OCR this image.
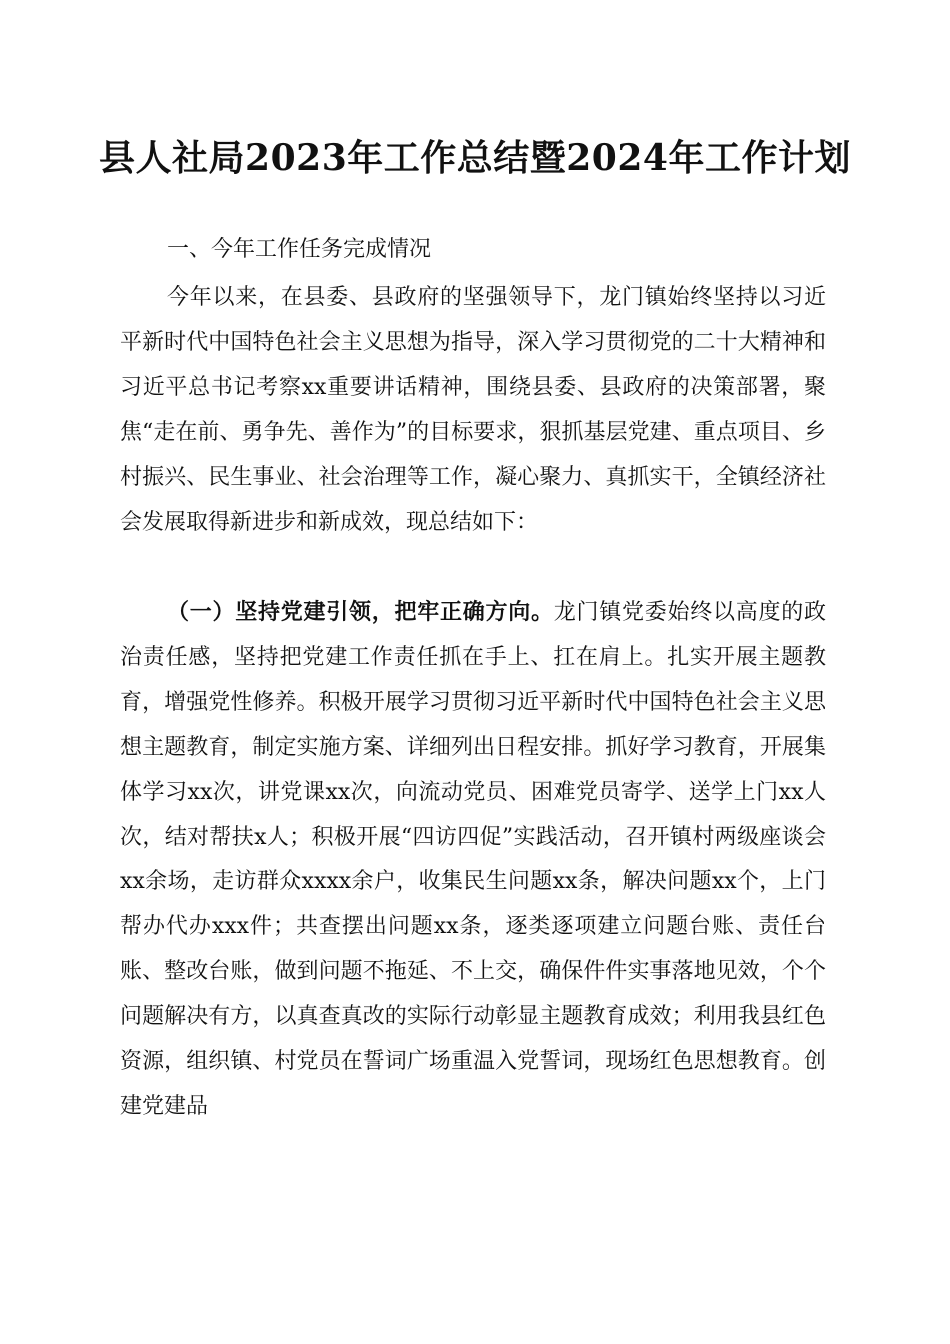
县人社局2023年工作总结暨2024年工作计划

一、今年工作任务完成情况

今年以来，在县委、县政府的坚强领导下，龙门镇始终坚持以习近平新时代中国特色社会主义思想为指导，深入学习贯彻党的二十大精神和习近平总书记考察xx重要讲话精神，围绕县委、县政府的决策部署，聚焦“走在前、勇争先、善作为”的目标要求，狠抓基层党建、重点项目、乡村振兴、民生事业、社会治理等工作，凝心聚力、真抓实干，全镇经济社会发展取得新进步和新成效，现总结如下：

（一）坚持党建引领，把牢正确方向。龙门镇党委始终以高度的政治责任感，坚持把党建工作责任抓在手上、扛在肩上。扎实开展主题教育，增强党性修养。积极开展学习贯彻习近平新时代中国特色社会主义思想主题教育，制定实施方案、详细列出日程安排。抓好学习教育，开展集体学习xx次，讲党课xx次，向流动党员、困难党员寄学、送学上门xx人次，结对帮扶x人；积极开展“四访四促”实践活动，召开镇村两级座谈会xx余场，走访群众xxxx余户，收集民生问题xx条，解决问题xx个，上门帮办代办xxx件；共查摆出问题xx条，逐类逐项建立问题台账、责任台账、整改台账，做到问题不拖延、不上交，确保件件实事落地见效，个个问题解决有方，以真查真改的实际行动彰显主题教育成效；利用我县红色资源，组织镇、村党员在誓词广场重温入党誓词，现场红色思想教育。创建党建品
